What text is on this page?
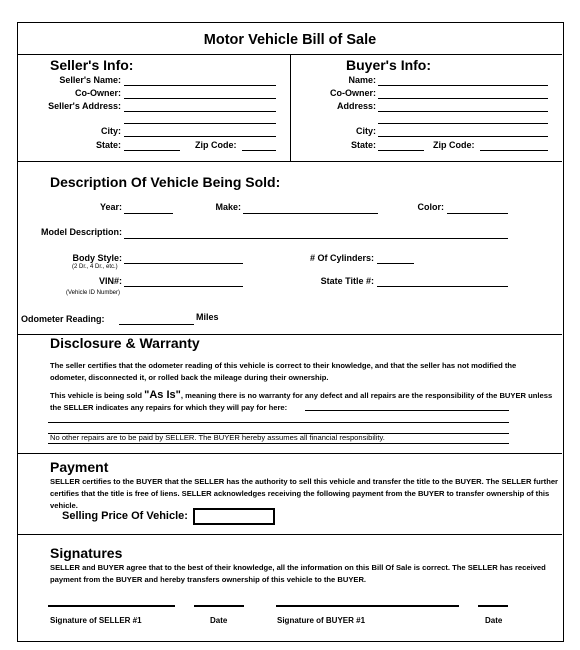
Motor Vehicle Bill of Sale
Seller's Info:
Seller's Name:
Co-Owner:
Seller's Address:
City:
State:	Zip Code:
Buyer's Info:
Name:
Co-Owner:
Address:
City:
State:	Zip Code:
Description Of Vehicle Being Sold:
Year:	Make:	Color:
Model Description:
Body Style:
(2 Dr., 4 Dr., etc.)
# Of Cylinders:
VIN#:
(Vehicle ID Number)
State Title #:
Odometer Reading:	Miles
Disclosure & Warranty
The seller certifies that the odometer reading of this vehicle is correct to their knowledge, and that the seller has not modified the odometer, disconnected it, or rolled back the mileage during their ownership.
This vehicle is being sold "As Is", meaning there is no warranty for any defect and all repairs are the responsibility of the BUYER unless the SELLER indicates any repairs for which they will pay for here:
No other repairs are to be paid by SELLER. The BUYER hereby assumes all financial responsibility.
Payment
SELLER certifies to the BUYER that the SELLER has the authority to sell this vehicle and transfer the title to the BUYER. The SELLER further certifies that the title is free of liens. SELLER acknowledges receiving the following payment from the BUYER to transfer ownership of this vehicle.
Selling Price Of Vehicle:
Signatures
SELLER and BUYER agree that to the best of their knowledge, all the information on this Bill Of Sale is correct. The SELLER has received payment from the BUYER and hereby transfers ownership of this vehicle to the BUYER.
Signature of SELLER #1	Date	Signature of BUYER #1	Date
